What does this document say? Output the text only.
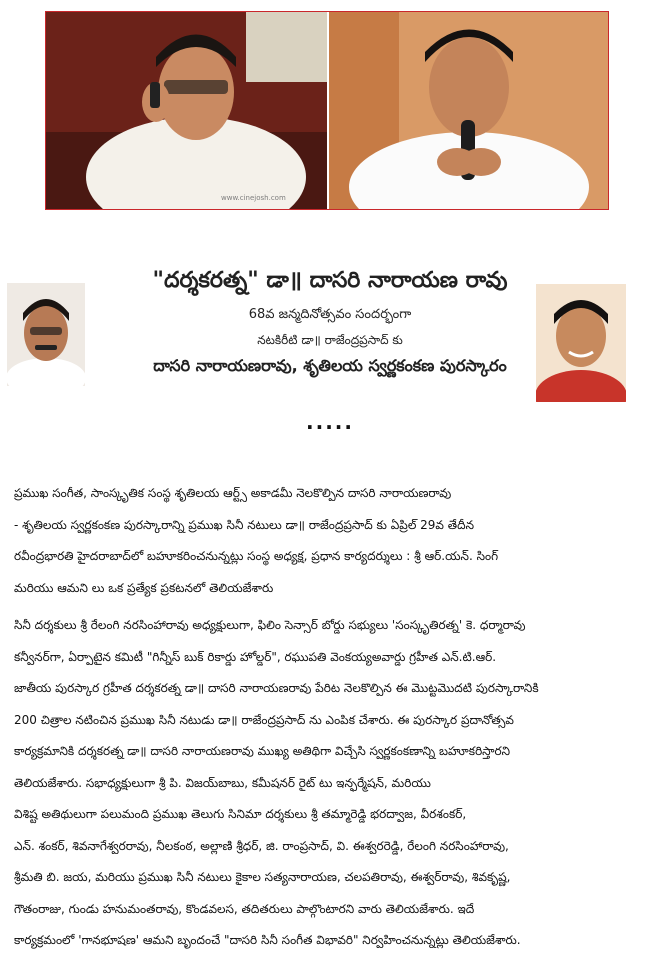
www.cinejosh.com
"దర్శకరత్న" డా॥ దాసరి నారాయణ రావు
68వ జన్మదినోత్సవం సందర్భంగా
నటకిరీటి డా॥ రాజేంద్రప్రసాద్ కు
దాసరి నారాయణరావు, శృతిలయ స్వర్ణకంకణ పురస్కారం
.....

ప్రముఖ సంగీత, సాంస్కృతిక సంస్థ శృతిలయ ఆర్ట్స్ అకాడమీ నెలకొల్పిన దాసరి నారాయణరావు

- శృతిలయ స్వర్ణకంకణ పురస్కారాన్ని ప్రముఖ సినీ నటులు డా॥ రాజేంద్రప్రసాద్ కు ఏప్రిల్ 29వ తేదీన

రవీంద్రభారతి హైదరాబాద్‌లో బహూకరించనున్నట్లు సంస్థ అధ్యక్ష, ప్రధాన కార్యదర్శులు : శ్రీ ఆర్.యన్. సింగ్

మరియు ఆమని లు ఒక ప్రత్యేక ప్రకటనలో తెలియజేశారు

సినీ దర్శకులు శ్రీ రేలంగి నరసింహారావు అధ్యక్షులుగా, ఫిలిం సెన్సార్ బోర్డు సభ్యులు 'సంస్కృతిరత్న' కె. ధర్మారావు

కన్వీనర్‌గా, ఏర్పాటైన కమిటీ "గిన్నీస్ బుక్ రికార్డు హోల్డర్", రఘుపతి వెంకయ్యఅవార్డు గ్రహీత ఎన్.టి.ఆర్.

జాతీయ పురస్కార గ్రహీత దర్శకరత్న డా॥ దాసరి నారాయణరావు పేరిట నెలకొల్పిన ఈ మొట్టమొదటి పురస్కారానికి

200 చిత్రాల నటించిన ప్రముఖ సినీ నటుడు డా॥ రాజేంద్రప్రసాద్ ను ఎంపిక చేశారు. ఈ పురస్కార ప్రదానోత్సవ

కార్యక్రమానికి దర్శకరత్న డా॥ దాసరి నారాయణరావు ముఖ్య అతిథిగా విచ్చేసి స్వర్ణకంకణాన్ని బహూకరిస్తారని

తెలియజేశారు. సభాధ్యక్షులుగా శ్రీ పి. విజయ్‌బాబు, కమీషనర్ రైట్ టు ఇన్ఫర్మేషన్, మరియు

విశిష్ట అతిథులుగా పలుమంది ప్రముఖ తెలుగు సినిమా దర్శకులు శ్రీ తమ్మారెడ్డి భరద్వాజ, వీరశంకర్,

ఎన్. శంకర్, శివనాగేశ్వరరావు, నీలకంఠ, అల్లాణి శ్రీధర్, జి. రాంప్రసాద్, వి. ఈశ్వరరెడ్డి, రేలంగి నరసింహారావు,

శ్రీమతి బి. జయ, మరియు ప్రముఖ సినీ నటులు కైకాల సత్యనారాయణ, చలపతిరావు, ఈశ్వర్‌రావు, శివకృష్ణ,

గౌతంరాజు, గుండు హనుమంతరావు, కొండవలస, తదితరులు పాల్గొంటారని వారు తెలియజేశారు. ఇదే

కార్యక్రమంలో 'గానభూషణ' ఆమని బృందంచే "దాసరి సినీ సంగీత విభావరి" నిర్వహించనున్నట్లు తెలియజేశారు.
